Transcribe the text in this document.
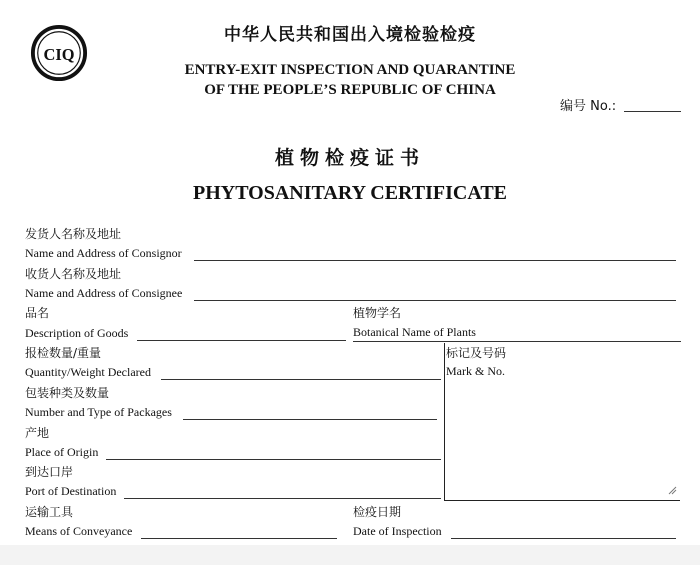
CIQ
中华人民共和国出入境检验检疫
ENTRY-EXIT INSPECTION AND QUARANTINE
OF THE PEOPLE’S REPUBLIC OF CHINA
编号 No.:
植物检疫证书
PHYTOSANITARY CERTIFICATE
发货人名称及地址
Name and Address of Consignor
收货人名称及地址
Name and Address of Consignee
品名
Description of Goods
植物学名
Botanical Name of Plants
报检数量/重量
Quantity/Weight Declared
标记及号码
Mark & No.
包装种类及数量
Number and Type of Packages
产地
Place of Origin
到达口岸
Port of Destination
运输工具
Means of Conveyance
检疫日期
Date of Inspection
